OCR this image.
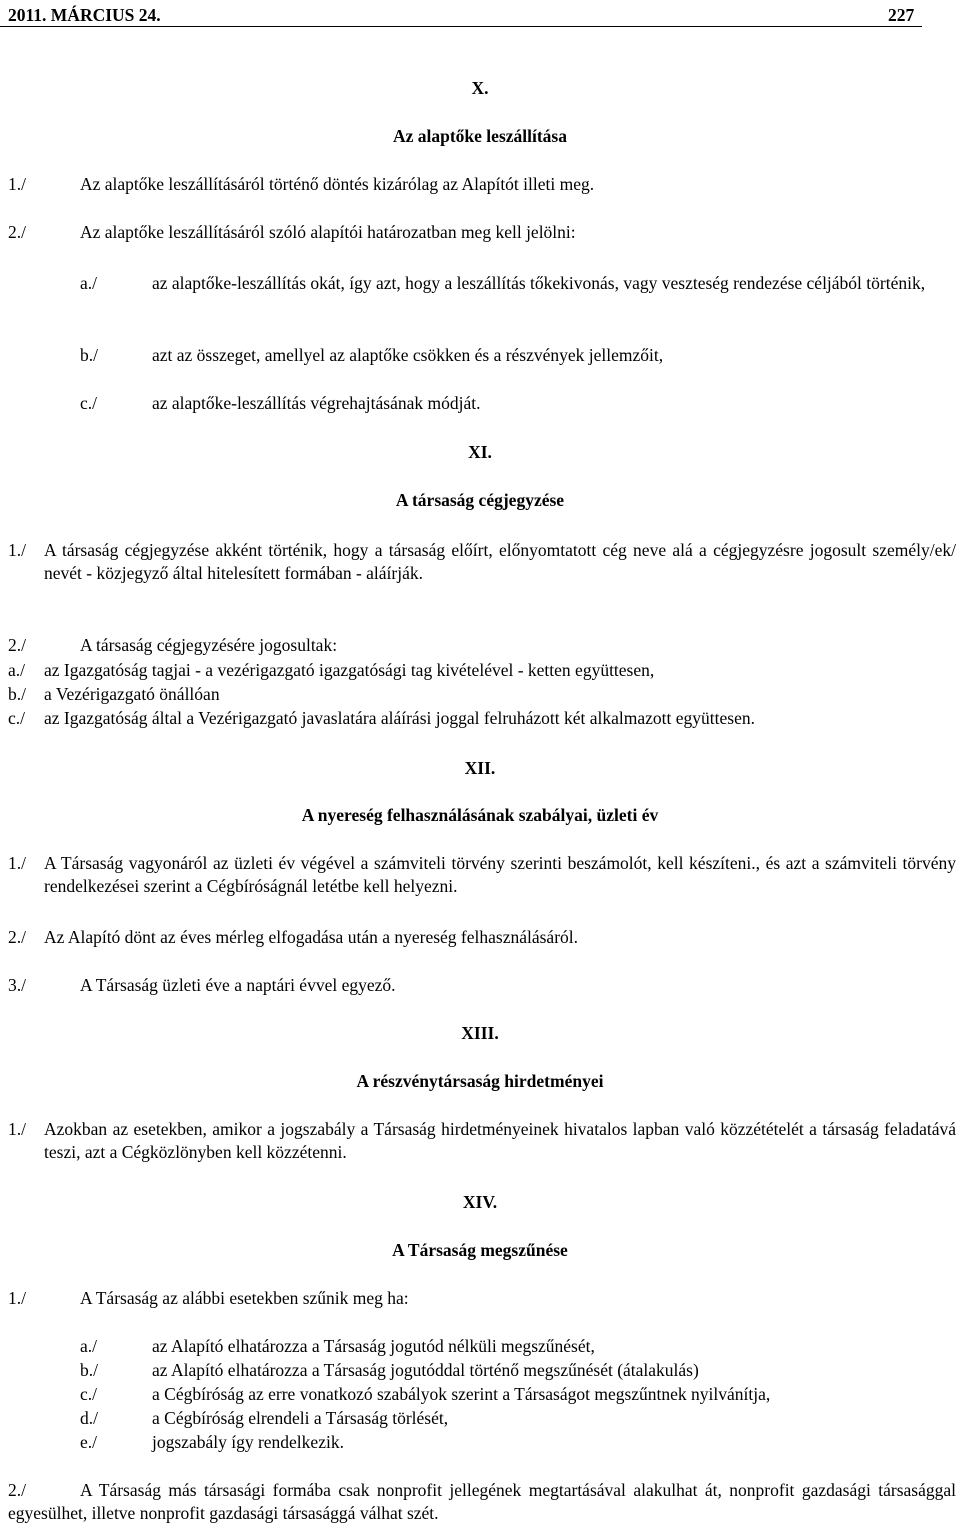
2011. MÁRCIUS 24.	227
X.
Az alaptőke leszállítása
1./	Az alaptőke leszállításáról történő döntés kizárólag az Alapítót illeti meg.
2./	Az alaptőke leszállításáról szóló alapítói határozatban meg kell jelölni:
a./	az alaptőke-leszállítás okát, így azt, hogy a leszállítás tőkekivonás, vagy veszteség rendezése céljából történik,
b./	azt az összeget, amellyel az alaptőke csökken és a részvények jellemzőit,
c./	az alaptőke-leszállítás végrehajtásának módját.
XI.
A társaság cégjegyzése
1./ A társaság cégjegyzése akként történik, hogy a társaság előírt, előnyomtatott cég neve alá a cégjegyzésre jogosult személy/ek/ nevét - közjegyző által hitelesített formában - aláírják.
2./	A társaság cégjegyzésére jogosultak:
a./ az Igazgatóság tagjai - a vezérigazgató igazgatósági tag kivételével - ketten együttesen,
b./ a Vezérigazgató önállóan
c./ az Igazgatóság által a Vezérigazgató javaslatára aláírási joggal felruházott két alkalmazott együttesen.
XII.
A nyereség felhasználásának szabályai, üzleti év
1./ A Társaság vagyonáról az üzleti év végével a számviteli törvény szerinti beszámolót, kell készíteni., és azt a számviteli törvény rendelkezései szerint a Cégbíróságnál letétbe kell helyezni.
2./ Az Alapító dönt az éves mérleg elfogadása után a nyereség felhasználásáról.
3./	A Társaság üzleti éve a naptári évvel egyező.
XIII.
A részvénytársaság hirdetményei
1./ Azokban az esetekben, amikor a jogszabály a Társaság hirdetményeinek hivatalos lapban való közzétételét a társaság feladatává teszi, azt a Cégközlönyben kell közzétenni.
XIV.
A Társaság megszűnése
1./	A Társaság az alábbi esetekben szűnik meg ha:
a./	az Alapító elhatározza a Társaság jogutód nélküli megszűnését,
b./	az Alapító elhatározza a Társaság jogutóddal történő megszűnését (átalakulás)
c./	a Cégbíróság az erre vonatkozó szabályok szerint a Társaságot megszűntnek nyilvánítja,
d./	a Cégbíróság elrendeli a Társaság törlését,
e./	jogszabály így rendelkezik.
2./	A Társaság más társasági formába csak nonprofit jellegének megtartásával alakulhat át, nonprofit gazdasági társasággal egyesülhet, illetve nonprofit gazdasági társasággá válhat szét.
